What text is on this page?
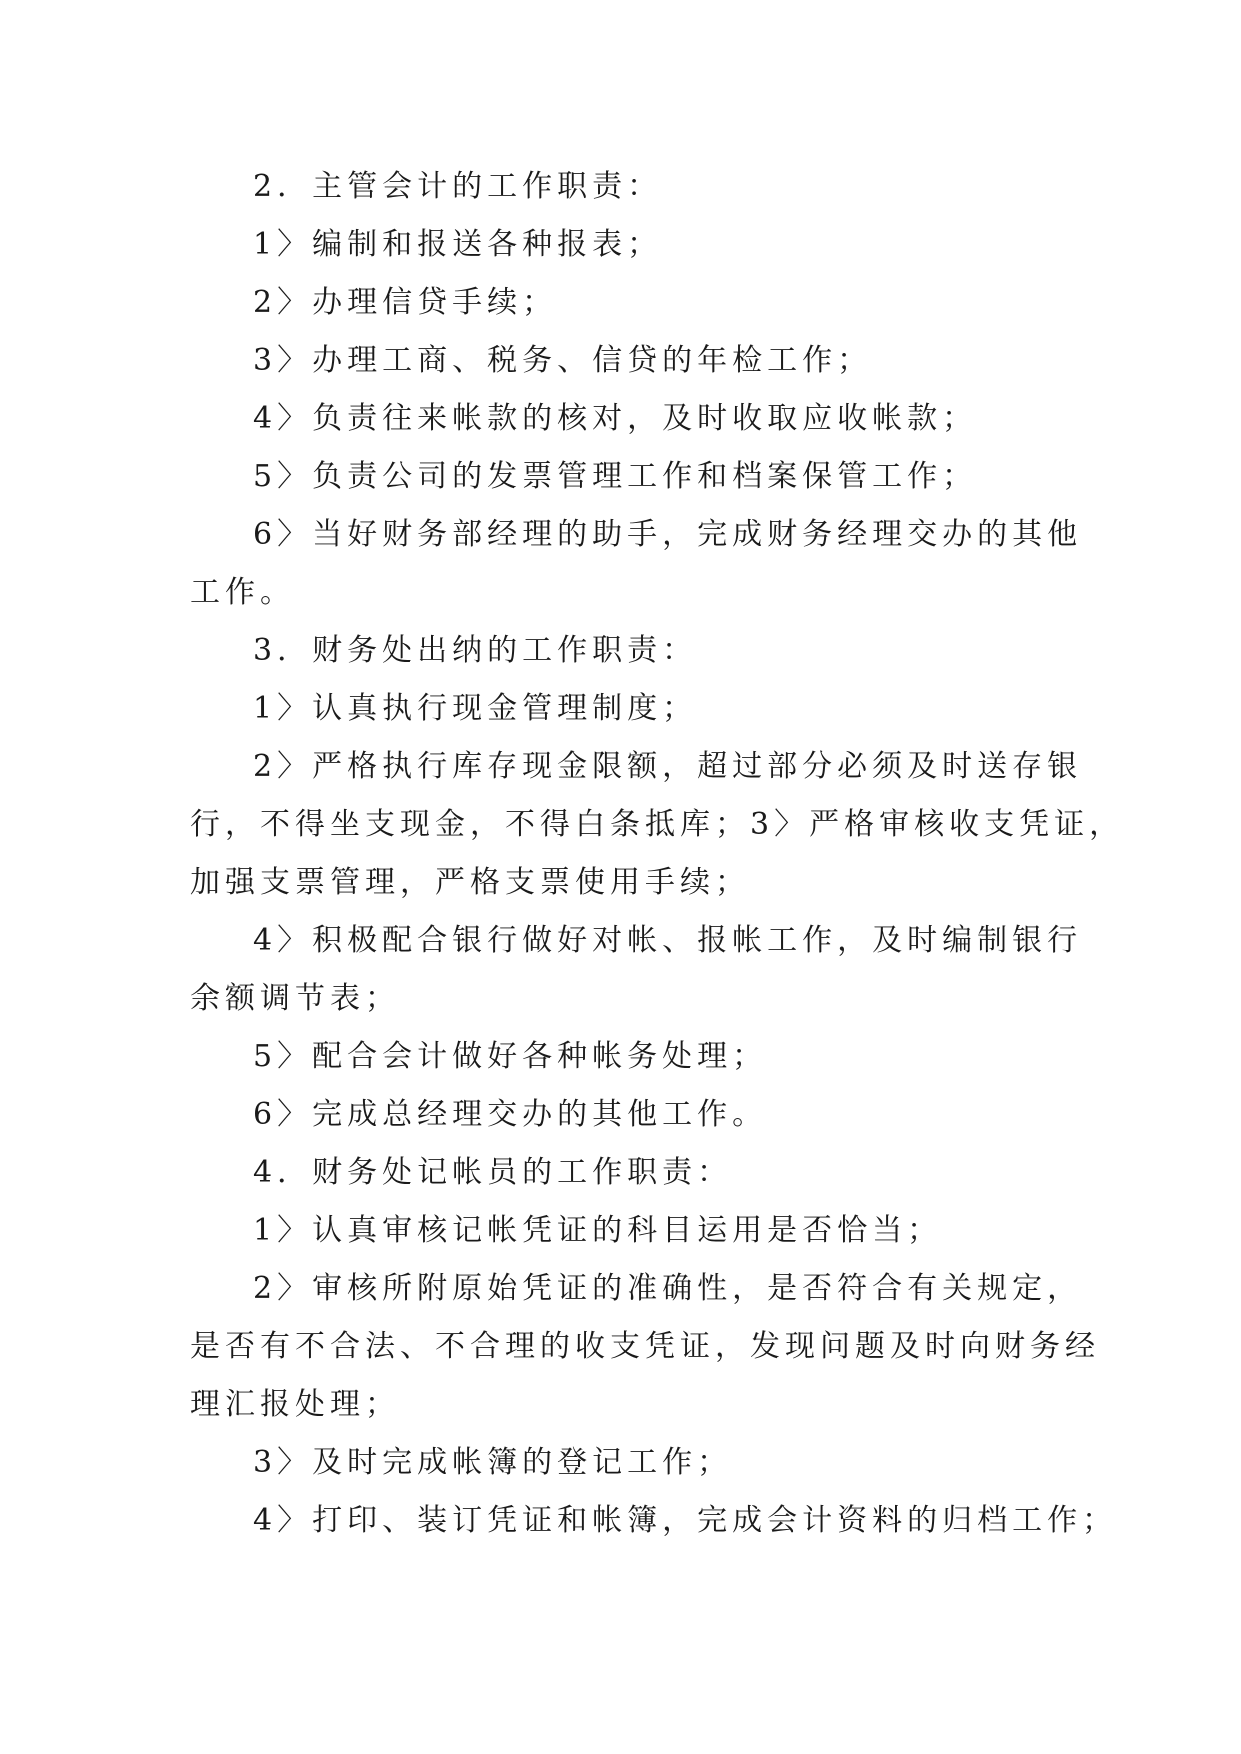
2．主管会计的工作职责：
1〉编制和报送各种报表；
2〉办理信贷手续；
3〉办理工商、税务、信贷的年检工作；
4〉负责往来帐款的核对，及时收取应收帐款；
5〉负责公司的发票管理工作和档案保管工作；
6〉当好财务部经理的助手，完成财务经理交办的其他
工作。
3．财务处出纳的工作职责：
1〉认真执行现金管理制度；
2〉严格执行库存现金限额，超过部分必须及时送存银
行，不得坐支现金，不得白条抵库；3〉严格审核收支凭证，
加强支票管理，严格支票使用手续；
4〉积极配合银行做好对帐、报帐工作，及时编制银行
余额调节表；
5〉配合会计做好各种帐务处理；
6〉完成总经理交办的其他工作。
4．财务处记帐员的工作职责：
1〉认真审核记帐凭证的科目运用是否恰当；
2〉审核所附原始凭证的准确性，是否符合有关规定，
是否有不合法、不合理的收支凭证，发现问题及时向财务经
理汇报处理；
3〉及时完成帐簿的登记工作；
4〉打印、装订凭证和帐簿，完成会计资料的归档工作；
